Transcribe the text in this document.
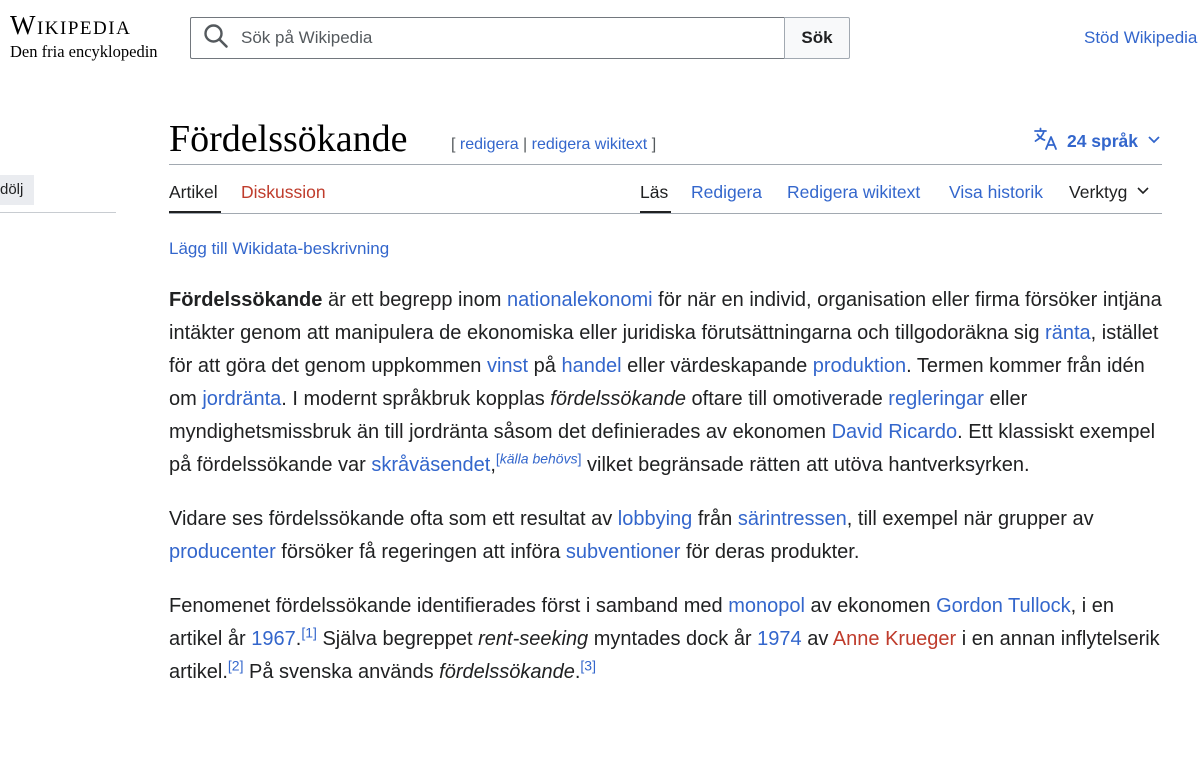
Wikipedia
Den fria encyklopedin
Sök på Wikipedia
Sök	Stöd Wikipedia
dölj
Fördelssökande	[ redigera | redigera wikitext ]	24 språk
Artikel Diskussion	Läs Redigera Redigera wikitext Visa historik Verktyg
Lägg till Wikidata-beskrivning

Fördelssökande är ett begrepp inom nationalekonomi för när en individ, organisation eller firma försöker intjäna intäkter genom att manipulera de ekonomiska eller juridiska förutsättningarna och tillgodoräkna sig ränta, istället för att göra det genom uppkommen vinst på handel eller värdeskapande produktion. Termen kommer från idén om jordränta. I modernt språkbruk kopplas fördelssökande oftare till omotiverade regleringar eller myndighetsmissbruk än till jordränta såsom det definierades av ekonomen David Ricardo. Ett klassiskt exempel på fördelssökande var skråväsendet,[källa behövs] vilket begränsade rätten att utöva hantverksyrken.

Vidare ses fördelssökande ofta som ett resultat av lobbying från särintressen, till exempel när grupper av producenter försöker få regeringen att införa subventioner för deras produkter.

Fenomenet fördelssökande identifierades först i samband med monopol av ekonomen Gordon Tullock, i en artikel år 1967.[1] Själva begreppet rent-seeking myntades dock år 1974 av Anne Krueger i en annan inflytelserik artikel.[2] På svenska används fördelssökande.[3]
